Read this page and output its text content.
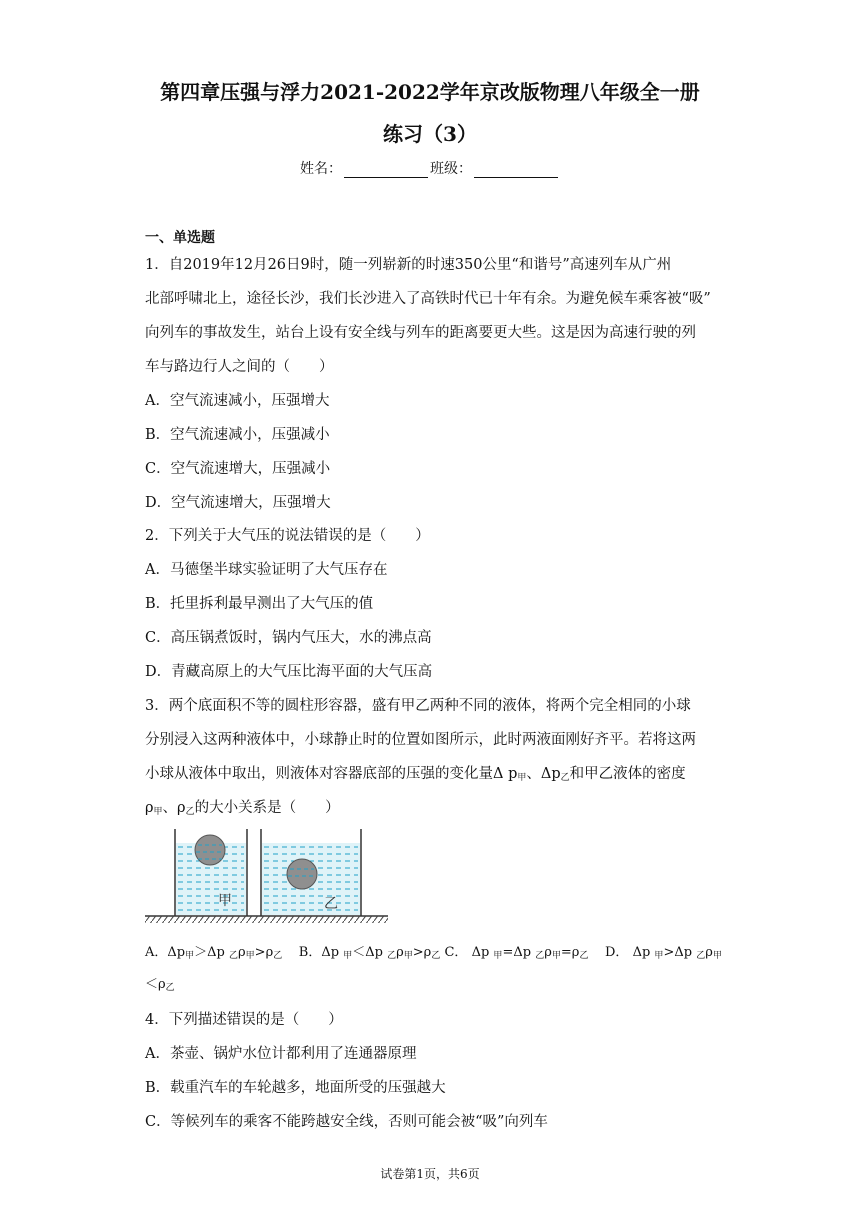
第四章压强与浮力2021-2022学年京改版物理八年级全一册
练习（3）
姓名：	班级：
一、单选题
1．自2019年12月26日9时，随一列崭新的时速350公里“和谐号”高速列车从广州
北部呼啸北上，途径长沙，我们长沙进入了高铁时代已十年有余。为避免候车乘客被“吸”
向列车的事故发生，站台上设有安全线与列车的距离要更大些。这是因为高速行驶的列
车与路边行人之间的（　　）
A．空气流速减小，压强增大
B．空气流速减小，压强减小
C．空气流速增大，压强减小
D．空气流速增大，压强增大
2．下列关于大气压的说法错误的是（　　）
A．马德堡半球实验证明了大气压存在
B．托里拆利最早测出了大气压的值
C．高压锅煮饭时，锅内气压大，水的沸点高
D．青藏高原上的大气压比海平面的大气压高
3．两个底面积不等的圆柱形容器，盛有甲乙两种不同的液体，将两个完全相同的小球
分别浸入这两种液体中，小球静止时的位置如图所示，此时两液面刚好齐平。若将这两
小球从液体中取出，则液体对容器底部的压强的变化量Δ $p_甲$、$\Delta p_乙$和甲乙液体的密度
$\rho_甲$、$\rho_乙$的大小关系是（　　）
甲	乙
A．$\Delta p_甲>\Delta p$ $_乙\rho_甲>\rho_乙$ B．Δp $_甲$＜Δp $_乙\rho_甲>\rho_乙$ C． Δp $_甲$=Δp $_乙\rho_甲=\rho_乙$ D． Δp $_甲$>Δp $_乙\rho_甲$
$<\rho_乙$
4．下列描述错误的是（　　）
A．茶壶、锅炉水位计都利用了连通器原理
B．载重汽车的车轮越多，地面所受的压强越大
C．等候列车的乘客不能跨越安全线，否则可能会被“吸”向列车
试卷第1页，共6页
